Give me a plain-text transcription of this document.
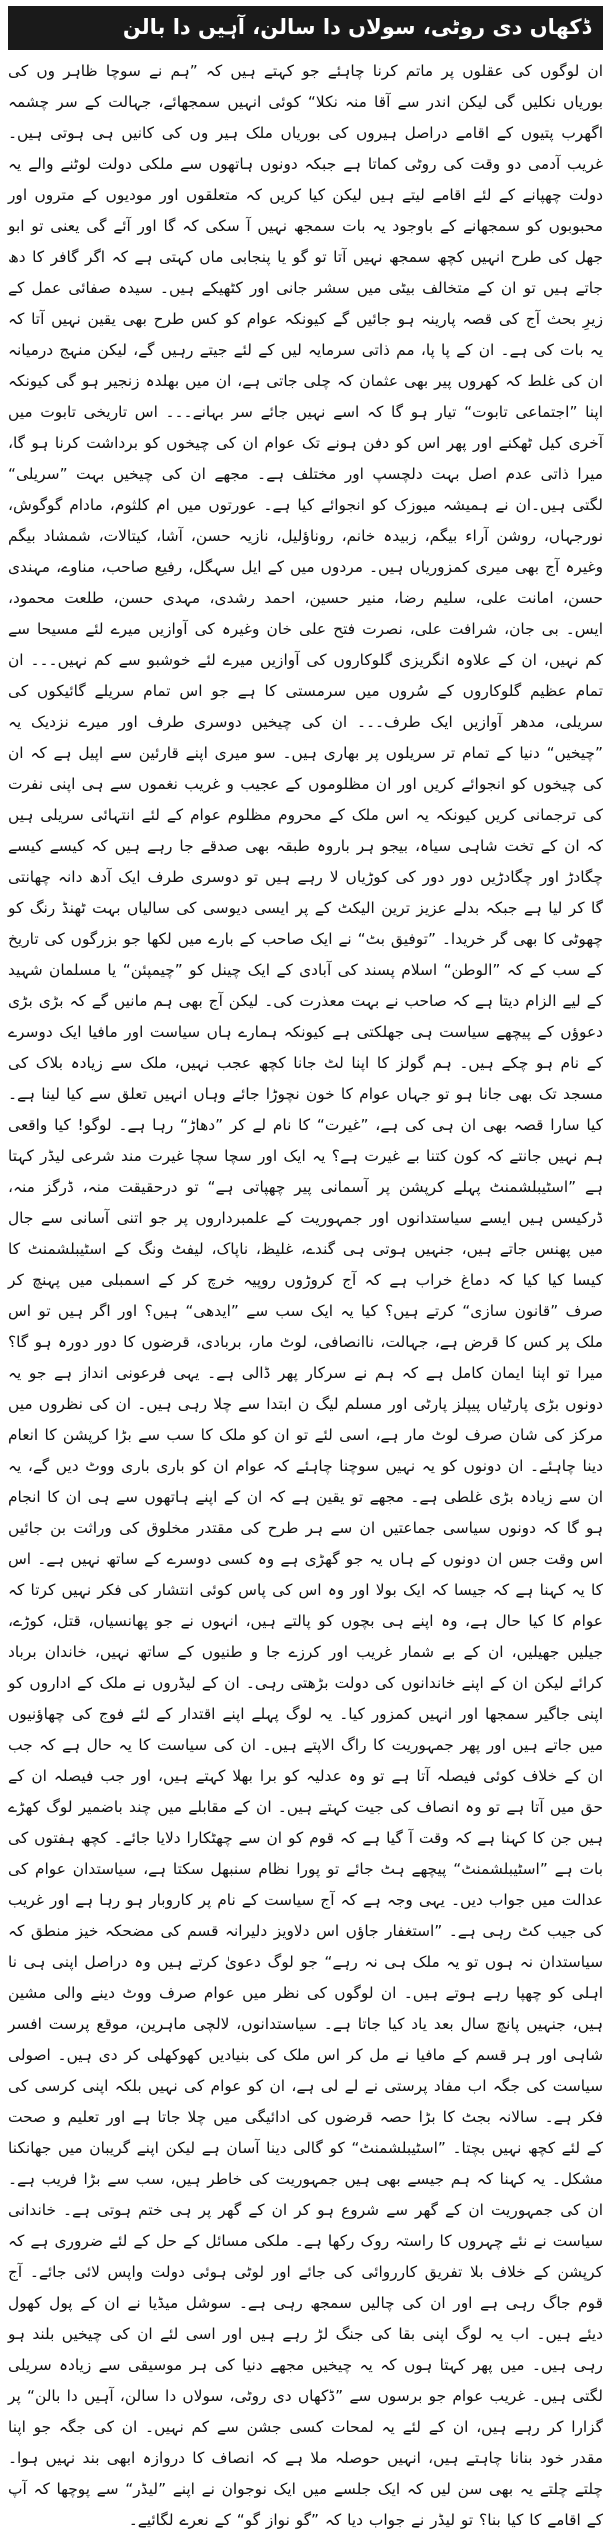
ڈکھاں دی روٹی، سولاں دا سالن، آہیں دا بالن

ان لوگوں کی عقلوں پر ماتم کرنا چاہئے جو کہتے ہیں کہ ”ہم نے سوچا ظاہر وں کی بوریاں نکلیں گی لیکن اندر سے آقا منہ نکلا“ کوئی انہیں سمجھائے، جہالت کے سر چشمہ اگھرب پتیوں کے اقامے دراصل ہیروں کی بوریاں ملک ہیر وں کی کانیں ہی ہوتی ہیں۔ غریب آدمی دو وقت کی روٹی کماتا ہے جبکہ دونوں ہاتھوں سے ملکی دولت لوٹنے والے یہ دولت چھپانے کے لئے اقامے لیتے ہیں لیکن کیا کریں کہ متعلقوں اور مودیوں کے متروں اور محبوبوں کو سمجھانے کے باوجود یہ بات سمجھ نہیں آ سکی کہ گا اور آئے گی یعنی تو ابو جھل کی طرح انہیں کچھ سمجھ نہیں آتا تو گو یا پنجابی ماں کہتی ہے کہ اگر گافر کا دھ جاتے ہیں تو ان کے متخالف بیٹی میں سشر جانی اور کٹھیکے ہیں۔ سیدہ صفائی عمل کے زیرِ بحث آج کی قصہ پارینہ ہو جائیں گے کیونکہ عوام کو کس طرح بھی یقین نہیں آتا کہ یہ بات کی ہے۔ ان کے پا پا، مم ذاتی سرمایہ لیں کے لئے جیتے رہیں گے، لیکن منہج درمیانہ ان کی غلط کہ کھروں پیر بھی عثمان کہ چلی جاتی ہے، ان میں بھلدہ زنجیر ہو گی کیونکہ اپنا ”اجتماعی تابوت“ تیار ہو گا کہ اسے نہیں جائے سر بہانے۔۔۔ اس تاریخی تابوت میں آخری کیل ٹھکنے اور پھر اس کو دفن ہونے تک عوام ان کی چیخوں کو برداشت کرنا ہو گا، میرا ذاتی عدم اصل بہت دلچسپ اور مختلف ہے۔ مجھے ان کی چیخیں بہت ”سریلی“ لگتی ہیں۔ان نے ہمیشہ میوزک کو انجوائے کیا ہے۔ عورتوں میں ام کلثوم، مادام گوگوش، نورجہاں، روشن آراء بیگم، زبیدہ خانم، روناؤلیل، نازیہ حسن، آشا، کیتالات، شمشاد بیگم وغیرہ آج بھی میری کمزوریاں ہیں۔ مردوں میں کے ایل سہگل، رفیع صاحب، مناوے، مہندی حسن، امانت علی، سلیم رضا، منیر حسین، احمد رشدی، مہدی حسن، طلعت محمود، ایس۔ بی جان، شرافت علی، نصرت فتح علی خان وغیرہ کی آوازیں میرے لئے مسیحا سے کم نہیں، ان کے علاوہ انگریزی گلوکاروں کی آوازیں میرے لئے خوشبو سے کم نہیں۔۔۔ ان تمام عظیم گلوکاروں کے سُروں میں سرمستی کا ہے جو اس تمام سریلے گائیکوں کی سریلی، مدھر آوازیں ایک طرف۔۔۔ ان کی چیخیں دوسری طرف اور میرے نزدیک یہ ”چیخیں“ دنیا کے تمام تر سریلوں پر بھاری ہیں۔ سو میری اپنے قارئین سے اپیل ہے کہ ان کی چیخوں کو انجوائے کریں اور ان مظلوموں کے عجیب و غریب نغموں سے ہی اپنی نفرت کی ترجمانی کریں کیونکہ یہ اس ملک کے محروم مظلوم عوام کے لئے انتہائی سریلی ہیں کہ ان کے تخت شاہی سیاہ، بیجو ہر باروہ طبقہ بھی صدقے جا رہے ہیں کہ کیسے کیسے چگادڑ اور چگادڑیں دور دور کی کوڑیاں لا رہے ہیں تو دوسری طرف ایک آدھ دانہ چھانتی گا کر لیا ہے جبکہ بدلے عزیز ترین الیکٹ کے پر ایسی دیوسی کی سالیاں بہت ٹھنڈ رنگ کو چھوٹی کا بھی گر خریدا۔ ”توفیق بٹ“ نے ایک صاحب کے بارے میں لکھا جو بزرگوں کی تاریخ کے سب کے کہ ”الوطن“ اسلام پسند کی آبادی کے ایک چینل کو ”چیمپئن“ یا مسلمان شہید کے لیے الزام دیتا ہے کہ صاحب نے بہت معذرت کی۔ لیکن آج بھی ہم مانیں گے کہ بڑی بڑی دعوؤں کے پیچھے سیاست ہی جھلکتی ہے کیونکہ ہمارے ہاں سیاست اور مافیا ایک دوسرے کے نام ہو چکے ہیں۔ ہم گولز کا اپنا لٹ جانا کچھ عجب نہیں، ملک سے زیادہ بلاک کی مسجد تک بھی جانا ہو تو جہاں عوام کا خون نچوڑا جائے وہاں انہیں تعلق سے کیا لینا ہے۔ کیا سارا قصہ بھی ان ہی کی ہے، ”غیرت“ کا نام لے کر ”دھاڑ“ رہا ہے۔ لوگو! کیا واقعی ہم نہیں جانتے کہ کون کتنا بے غیرت ہے؟ یہ ایک اور سچا سچا غیرت مند شرعی لیڈر کہتا ہے ”اسٹیبلشمنٹ پہلے کرپشن پر آسمانی پیر چھپاتی ہے“ تو درحقیقت منہ، ڈرگز منہ، ڈرکیسں ہیں ایسے سیاستدانوں اور جمہوریت کے علمبرداروں پر جو اتنی آسانی سے جال میں پھنس جاتے ہیں، جنہیں ہوتی ہی گندے، غلیظ، ناپاک، لیفٹ ونگ کے اسٹیبلشمنٹ کا کیسا کیا کیا کہ دماغ خراب ہے کہ آج کروڑوں روپیہ خرچ کر کے اسمبلی میں پہنچ کر صرف ”قانون سازی“ کرتے ہیں؟ کیا یہ ایک سب سے ”ایدھی“ ہیں؟ اور اگر ہیں تو اس ملک پر کس کا قرض ہے، جہالت، ناانصافی، لوٹ مار، بربادی، قرضوں کا دور دورہ ہو گا؟ میرا تو اپنا ایمان کامل ہے کہ ہم نے سرکار پھر ڈالی ہے۔ یہی فرعونی انداز ہے جو یہ دونوں بڑی پارٹیاں پیپلز پارٹی اور مسلم لیگ ن ابتدا سے چلا رہی ہیں۔ ان کی نظروں میں مرکز کی شان صرف لوٹ مار ہے، اسی لئے تو ان کو ملک کا سب سے بڑا کرپشن کا انعام دینا چاہئے۔ ان دونوں کو یہ نہیں سوچنا چاہئے کہ عوام ان کو باری باری ووٹ دیں گے، یہ ان سے زیادہ بڑی غلطی ہے۔ مجھے تو یقین ہے کہ ان کے اپنے ہاتھوں سے ہی ان کا انجام ہو گا کہ دونوں سیاسی جماعتیں ان سے ہر طرح کی مقتدر مخلوق کی وراثت بن جائیں اس وقت جس ان دونوں کے ہاں یہ جو گھڑی ہے وہ کسی دوسرے کے ساتھ نہیں ہے۔ اس کا یہ کہنا ہے کہ جیسا کہ ایک بولا اور وہ اس کی پاس کوئی انتشار کی فکر نہیں کرتا کہ عوام کا کیا حال ہے، وہ اپنے ہی بچوں کو پالتے ہیں، انہوں نے جو پھانسیاں، قتل، کوڑے، جیلیں جھیلیں، ان کے بے شمار غریب اور کرزے جا و طنیوں کے ساتھ نہیں، خاندان برباد کرائے لیکن ان کے اپنے خاندانوں کی دولت بڑھتی رہی۔ ان کے لیڈروں نے ملک کے اداروں کو اپنی جاگیر سمجھا اور انہیں کمزور کیا۔ یہ لوگ پہلے اپنے اقتدار کے لئے فوج کی چھاؤنیوں میں جاتے ہیں اور پھر جمہوریت کا راگ الاپتے ہیں۔ ان کی سیاست کا یہ حال ہے کہ جب ان کے خلاف کوئی فیصلہ آتا ہے تو وہ عدلیہ کو برا بھلا کہتے ہیں، اور جب فیصلہ ان کے حق میں آتا ہے تو وہ انصاف کی جیت کہتے ہیں۔ ان کے مقابلے میں چند باضمیر لوگ کھڑے ہیں جن کا کہنا ہے کہ وقت آ گیا ہے کہ قوم کو ان سے چھٹکارا دلایا جائے۔ کچھ ہفتوں کی بات ہے ”اسٹیبلشمنٹ“ پیچھے ہٹ جائے تو پورا نظام سنبھل سکتا ہے، سیاستدان عوام کی عدالت میں جواب دیں۔ یہی وجہ ہے کہ آج سیاست کے نام پر کاروبار ہو رہا ہے اور غریب کی جیب کٹ رہی ہے۔ ”استغفار جاؤں اس دلاویز دلیرانہ قسم کی مضحکہ خیز منطق کہ سیاستدان نہ ہوں تو یہ ملک ہی نہ رہے“ جو لوگ دعویٰ کرتے ہیں وہ دراصل اپنی ہی نا اہلی کو چھپا رہے ہوتے ہیں۔ ان لوگوں کی نظر میں عوام صرف ووٹ دینے والی مشین ہیں، جنہیں پانچ سال بعد یاد کیا جاتا ہے۔ سیاستدانوں، لالچی ماہرین، موقع پرست افسر شاہی اور ہر قسم کے مافیا نے مل کر اس ملک کی بنیادیں کھوکھلی کر دی ہیں۔ اصولی سیاست کی جگہ اب مفاد پرستی نے لے لی ہے، ان کو عوام کی نہیں بلکہ اپنی کرسی کی فکر ہے۔ سالانہ بجٹ کا بڑا حصہ قرضوں کی ادائیگی میں چلا جاتا ہے اور تعلیم و صحت کے لئے کچھ نہیں بچتا۔ ”اسٹیبلشمنٹ“ کو گالی دینا آسان ہے لیکن اپنے گریبان میں جھانکنا مشکل۔ یہ کہنا کہ ہم جیسے بھی ہیں جمہوریت کی خاطر ہیں، سب سے بڑا فریب ہے۔ ان کی جمہوریت ان کے گھر سے شروع ہو کر ان کے گھر پر ہی ختم ہوتی ہے۔ خاندانی سیاست نے نئے چہروں کا راستہ روک رکھا ہے۔ ملکی مسائل کے حل کے لئے ضروری ہے کہ کرپشن کے خلاف بلا تفریق کارروائی کی جائے اور لوٹی ہوئی دولت واپس لائی جائے۔ آج قوم جاگ رہی ہے اور ان کی چالیں سمجھ رہی ہے۔ سوشل میڈیا نے ان کے پول کھول دیئے ہیں۔ اب یہ لوگ اپنی بقا کی جنگ لڑ رہے ہیں اور اسی لئے ان کی چیخیں بلند ہو رہی ہیں۔ میں پھر کہتا ہوں کہ یہ چیخیں مجھے دنیا کی ہر موسیقی سے زیادہ سریلی لگتی ہیں۔ غریب عوام جو برسوں سے ”ڈکھاں دی روٹی، سولاں دا سالن، آہیں دا بالن“ پر گزارا کر رہے ہیں، ان کے لئے یہ لمحات کسی جشن سے کم نہیں۔ ان کی جگہ جو اپنا مقدر خود بنانا چاہتے ہیں، انہیں حوصلہ ملا ہے کہ انصاف کا دروازہ ابھی بند نہیں ہوا۔ چلتے چلتے یہ بھی سن لیں کہ ایک جلسے میں ایک نوجوان نے اپنے ”لیڈر“ سے پوچھا کہ آپ کے اقامے کا کیا بنا؟ تو لیڈر نے جواب دیا کہ ”گو نواز گو“ کے نعرے لگائیے۔
